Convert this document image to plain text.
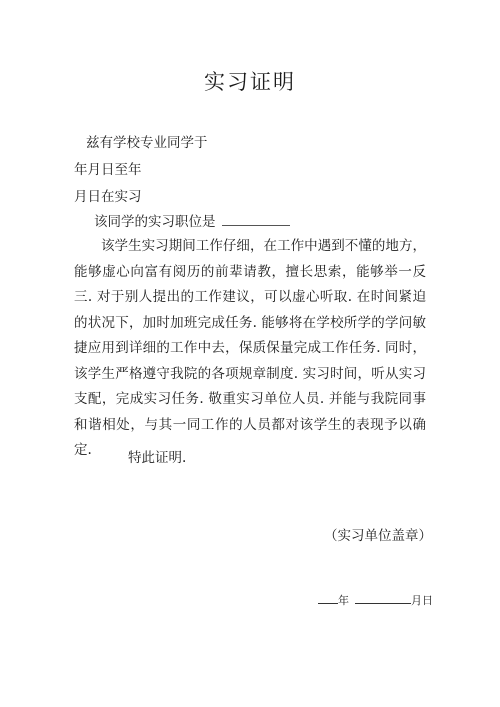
实习证明
兹有学校专业同学于
年月日至年
月日在实习
该同学的实习职位是
该学生实习期间工作仔细，在工作中遇到不懂的地方，能够虚心向富有阅历的前辈请教，擅长思索，能够举一反三. 对于别人提出的工作建议，可以虚心听取. 在时间紧迫的状况下，加时加班完成任务. 能够将在学校所学的学问敏捷应用到详细的工作中去，保质保量完成工作任务. 同时，该学生严格遵守我院的各项规章制度. 实习时间，听从实习支配，完成实习任务. 敬重实习单位人员. 并能与我院同事和谐相处，与其一同工作的人员都对该学生的表现予以确定.	特此证明.
（实习单位盖章）
年	月日
